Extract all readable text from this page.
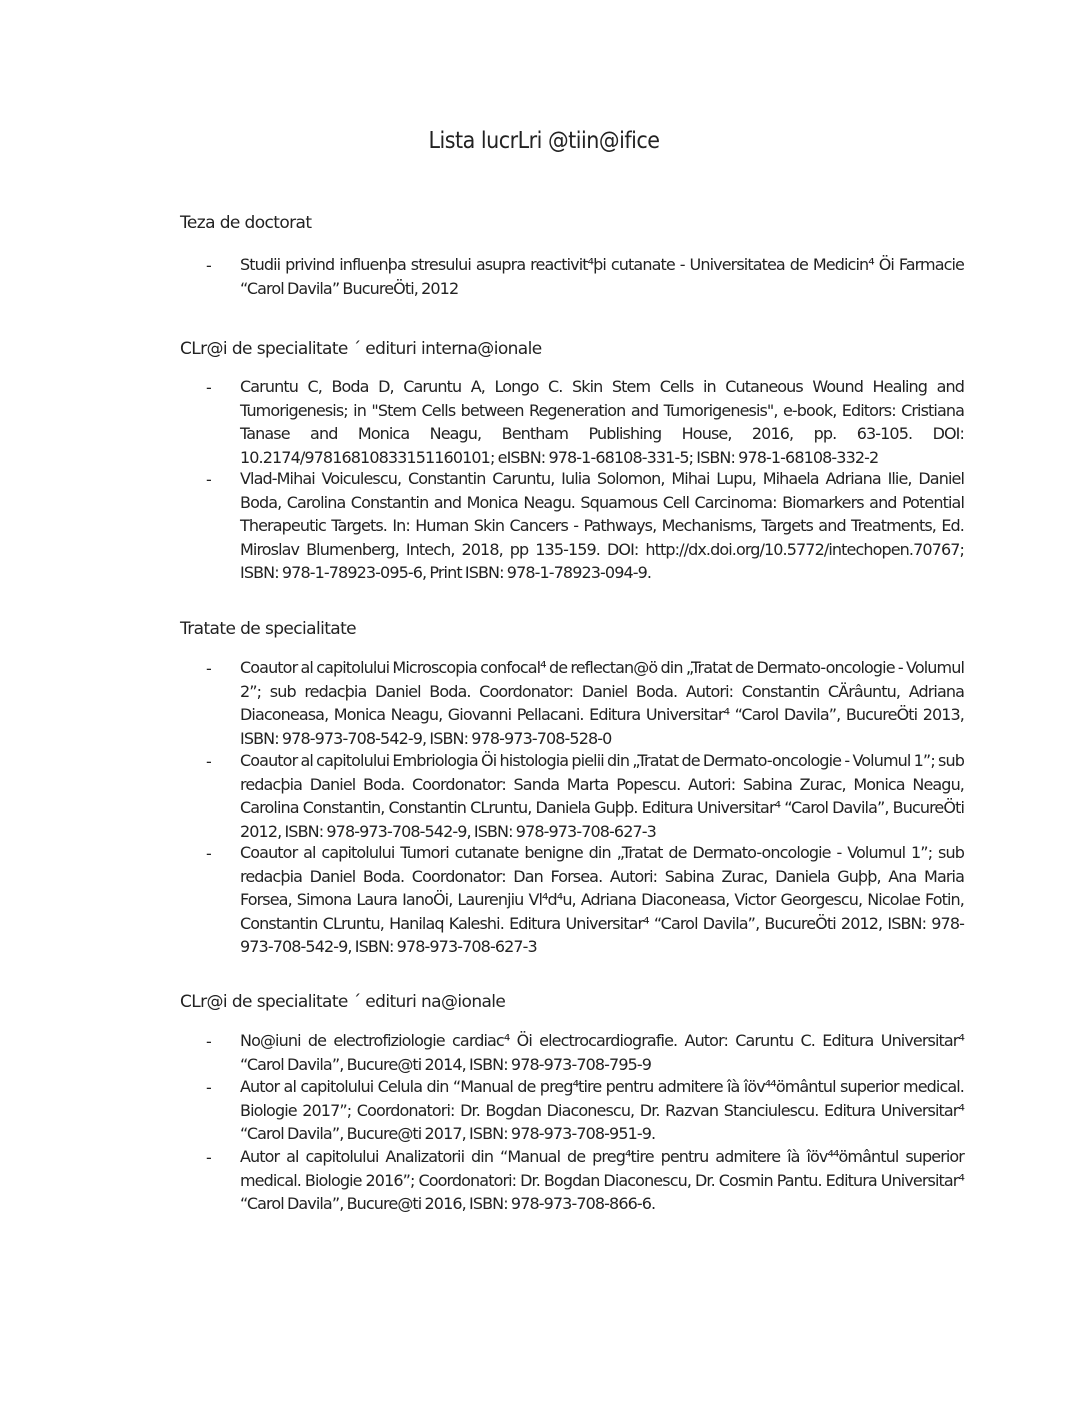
Lista lucrLri @tiin@ifice
Teza de doctorat
- Studii privind influenþa stresului asupra reactivit⁴þi cutanate - Universitatea de Medicin⁴ Öi Farmacie “Carol Davila” BucureÖti, 2012
CLr@i de specialitate ´ edituri interna@ionale
- Caruntu C, Boda D, Caruntu A, Longo C. Skin Stem Cells in Cutaneous Wound Healing and Tumorigenesis; in "Stem Cells between Regeneration and Tumorigenesis", e-book, Editors: Cristiana Tanase and Monica Neagu, Bentham Publishing House, 2016, pp. 63-105. DOI: 10.2174/97816810833151160101; eISBN: 978-1-68108-331-5; ISBN: 978-1-68108-332-2
- Vlad-Mihai Voiculescu, Constantin Caruntu, Iulia Solomon, Mihai Lupu, Mihaela Adriana Ilie, Daniel Boda, Carolina Constantin and Monica Neagu. Squamous Cell Carcinoma: Biomarkers and Potential Therapeutic Targets. In: Human Skin Cancers - Pathways, Mechanisms, Targets and Treatments, Ed. Miroslav Blumenberg, Intech, 2018, pp 135-159. DOI: http://dx.doi.org/10.5772/intechopen.70767; ISBN: 978-1-78923-095-6, Print ISBN: 978-1-78923-094-9.
Tratate de specialitate
- Coautor al capitolului Microscopia confocal⁴ de reflectan@ö din „Tratat de Dermato-oncologie - Volumul 2”; sub redacþia Daniel Boda. Coordonator: Daniel Boda. Autori: Constantin CÄrâuntu, Adriana Diaconeasa, Monica Neagu, Giovanni Pellacani. Editura Universitar⁴ “Carol Davila”, BucureÖti 2013, ISBN: 978-973-708-542-9, ISBN: 978-973-708-528-0
- Coautor al capitolului Embriologia Öi histologia pielii din „Tratat de Dermato-oncologie - Volumul 1”; sub redacþia Daniel Boda. Coordonator: Sanda Marta Popescu. Autori: Sabina Zurac, Monica Neagu, Carolina Constantin, Constantin CLruntu, Daniela Guþþ. Editura Universitar⁴ “Carol Davila”, BucureÖti 2012, ISBN: 978-973-708-542-9, ISBN: 978-973-708-627-3
- Coautor al capitolului Tumori cutanate benigne din „Tratat de Dermato-oncologie - Volumul 1”; sub redacþia Daniel Boda. Coordonator: Dan Forsea. Autori: Sabina Zurac, Daniela Guþþ, Ana Maria Forsea, Simona Laura IanoÖi, Laurenjiu Vl⁴d⁴u, Adriana Diaconeasa, Victor Georgescu, Nicolae Fotin, Constantin CLruntu, Hanilaq Kaleshi. Editura Universitar⁴ “Carol Davila”, BucureÖti 2012, ISBN: 978-973-708-542-9, ISBN: 978-973-708-627-3
CLr@i de specialitate ´ edituri na@ionale
- No@iuni de electrofiziologie cardiac⁴ Öi electrocardiografie. Autor: Caruntu C. Editura Universitar⁴ “Carol Davila”, Bucure@ti 2014, ISBN: 978-973-708-795-9
- Autor al capitolului Celula din “Manual de preg⁴tire pentru admitere îà îöv⁴⁴ömântul superior medical. Biologie 2017”; Coordonatori: Dr. Bogdan Diaconescu, Dr. Razvan Stanciulescu. Editura Universitar⁴ “Carol Davila”, Bucure@ti 2017, ISBN: 978-973-708-951-9.
- Autor al capitolului Analizatorii din “Manual de preg⁴tire pentru admitere îà îöv⁴⁴ömântul superior medical. Biologie 2016”; Coordonatori: Dr. Bogdan Diaconescu, Dr. Cosmin Pantu. Editura Universitar⁴ “Carol Davila”, Bucure@ti 2016, ISBN: 978-973-708-866-6.
